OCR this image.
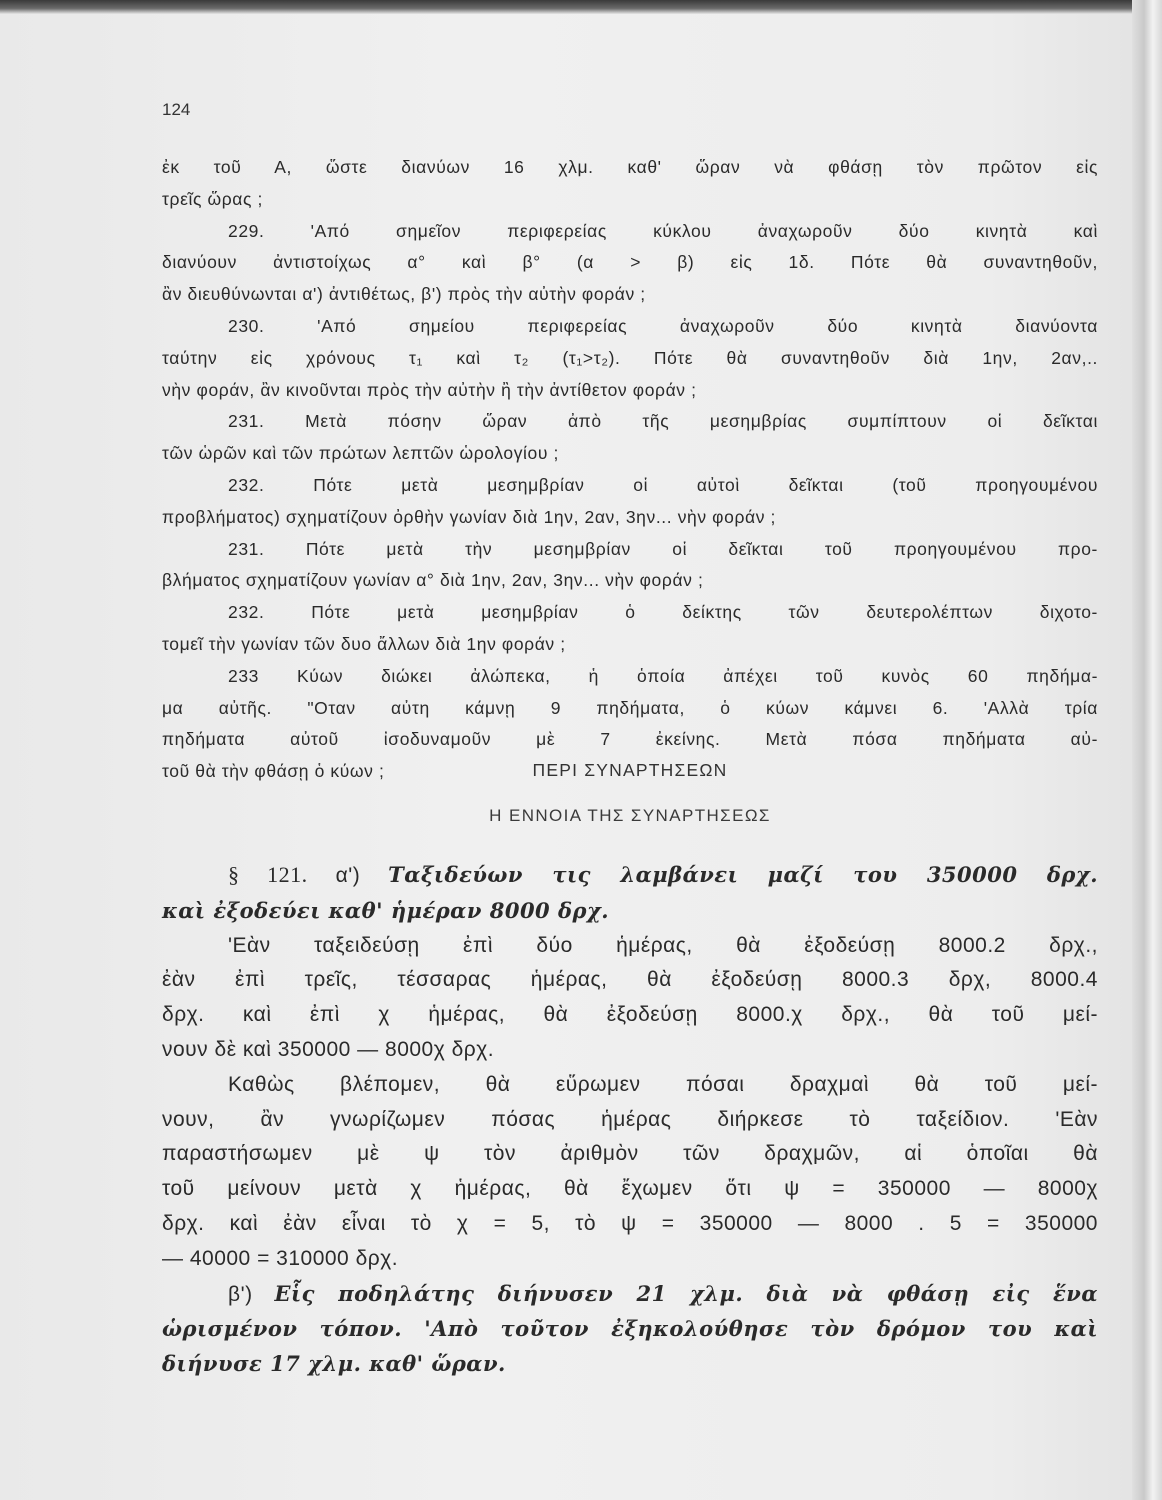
124

ἐκ τοῦ Α, ὥστε διανύων 16 χλμ. καθ' ὥραν νὰ φθάσῃ τὸν πρῶτον εἰς

τρεῖς ὥρας ;

229. 'Από σημεῖον περιφερείας κύκλου ἀναχωροῦν δύο κινητὰ καὶ

διανύουν ἀντιστοίχως α° καὶ β° (α > β) εἰς 1δ. Πότε θὰ συναντηθοῦν,

ἂν διευθύνωνται α') ἀντιθέτως, β') πρὸς τὴν αὐτὴν φοράν ;

230. 'Από σημείου περιφερείας ἀναχωροῦν δύο κινητὰ διανύοντα

ταύτην εἰς χρόνους τ₁ καὶ τ₂ (τ₁>τ₂). Πότε θὰ συναντηθοῦν διὰ 1ην, 2αν,..

νὴν φοράν, ἂν κινοῦνται πρὸς τὴν αὐτὴν ἢ τὴν ἀντίθετον φοράν ;

231. Μετὰ πόσην ὥραν ἀπὸ τῆς μεσημβρίας συμπίπτουν οἱ δεῖκται

τῶν ὡρῶν καὶ τῶν πρώτων λεπτῶν ὡρολογίου ;

232. Πότε μετὰ μεσημβρίαν οἱ αὐτοὶ δεῖκται (τοῦ προηγουμένου

προβλήματος) σχηματίζουν ὀρθὴν γωνίαν διὰ 1ην, 2αν, 3ην... νὴν φοράν ;

231. Πότε μετὰ τὴν μεσημβρίαν οἱ δεῖκται τοῦ προηγουμένου προ-

βλήματος σχηματίζουν γωνίαν α° διὰ 1ην, 2αν, 3ην... νὴν φοράν ;

232. Πότε μετὰ μεσημβρίαν ὁ δείκτης τῶν δευτερολέπτων διχοτο-

τομεῖ τὴν γωνίαν τῶν δυο ἄλλων διὰ 1ην φοράν ;

233 Κύων διώκει ἀλώπεκα, ἡ ὁποία ἀπέχει τοῦ κυνὸς 60 πηδήμα-

μα αὐτῆς. "Οταν αὐτη κάμνῃ 9 πηδήματα, ὁ κύων κάμνει 6. 'Αλλὰ τρία

πηδήματα αὐτοῦ ἰσοδυναμοῦν μὲ 7 ἐκείνης. Μετὰ πόσα πηδήματα αὐ-

τοῦ θὰ τὴν φθάσῃ ὁ κύων ;	ΠΕΡΙ ΣΥΝΑΡΤΗΣΕΩΝ
Η ΕΝΝΟΙΑ ΤΗΣ ΣΥΝΑΡΤΗΣΕΩΣ

§ 121. α') Ταξιδεύων τις λαμβάνει μαζί του 350000 δρχ.

καὶ ἐξοδεύει καθ' ἡμέραν 8000 δρχ.

'Εὰν ταξειδεύσῃ ἐπὶ δύο ἡμέρας, θὰ ἐξοδεύσῃ 8000.2 δρχ.,

ἐὰν ἐπὶ τρεῖς, τέσσαρας ἡμέρας, θὰ ἐξοδεύσῃ 8000.3 δρχ, 8000.4

δρχ. καὶ ἐπὶ χ ἡμέρας, θὰ ἐξοδεύσῃ 8000.χ δρχ., θὰ τοῦ μεί-

νουν δὲ καὶ 350000 — 8000χ δρχ.

Καθὼς βλέπομεν, θὰ εὕρωμεν πόσαι δραχμαὶ θὰ τοῦ μεί-

νουν, ἂν γνωρίζωμεν πόσας ἡμέρας διήρκεσε τὸ ταξείδιον. 'Εὰν

παραστήσωμεν μὲ ψ τὸν ἀριθμὸν τῶν δραχμῶν, αἱ ὁποῖαι θὰ

τοῦ μείνουν μετὰ χ ἡμέρας, θὰ ἔχωμεν ὅτι ψ = 350000 — 8000χ

δρχ. καὶ ἐὰν εἶναι τὸ χ = 5, τὸ ψ = 350000 — 8000 . 5 = 350000

— 40000 = 310000 δρχ.

β') Εἷς ποδηλάτης διήνυσεν 21 χλμ. διὰ νὰ φθάσῃ εἰς ἕνα

ὡρισμένον τόπον. 'Απὸ τοῦτον ἐξηκολούθησε τὸν δρόμον του καὶ

διήνυσε 17 χλμ. καθ' ὥραν.
